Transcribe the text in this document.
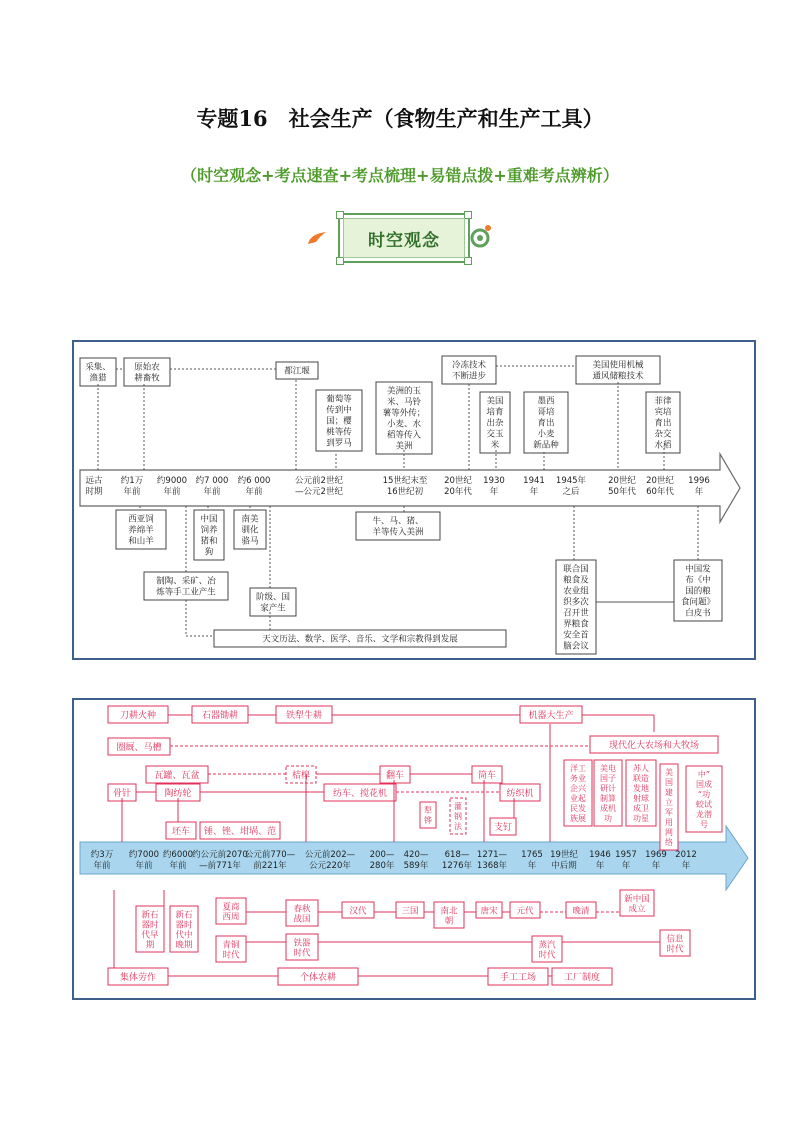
专题16　社会生产（食物生产和生产工具）
（时空观念+考点速查+考点梳理+易错点拨+重难考点辨析）
时空观念
远古时期
约1万年前
约9000 年前
约7 000 年前
约6 000 年前
公元前2世纪—公元2世纪
15世纪末至 16世纪初
20世纪 20年代
1930 年
1941 年
1945年之后
20世纪 50年代
20世纪 60年代
1996 年
采集、渔猎
原始农耕畜牧
都江堰
葡萄等传到中国；樱桃等传到罗马
美洲的玉米、马铃薯等外传；小麦、水稻等传入美洲
冷冻技术不断进步
美国培育出杂交玉米
墨西哥培育出小麦新品种
美国使用机械通风储粮技术
菲律宾培育出杂交水稻
西亚饲养绵羊和山羊
中国饲养猪和狗
南美驯化骆马
牛、马、猪、羊等传入美洲
制陶、采矿、冶炼等手工业产生	阶级、国家产生
天文历法、数学、医学、音乐、文学和宗教得到发展
联合国粮食及农业组织多次召开世界粮食安全首脑会议
中国发布《中国的粮食问题》白皮书
约3万年前
约7000 年前
约6000 年前
约公元前2070 —前771年
公元前770—前221年
公元前202—公元220年
200— 280年
420— 589年
618— 1276年
1271— 1368年
1765 年
19世纪中后期
1946 年
1957 年
1969 年
2012 年
刀耕火种	石器锄耕	铁犁牛耕	机器大生产
圈厩、马槽	现代化大农场和大牧场
瓦罐、瓦盆	桔槔	翻车	筒车
骨针	陶纺轮	纺车、搅花机	纺织机
坯车 锤、锉、坩埚、范	支钉
犁铧
灌钢法
洋工务业企兴业起民发族展
美电国子研计制算成机功
苏人联造发地射球成卫功星
美国建立军用网络
中”国成“功蛟试龙潜号
新石器时代早期
新石器时代中晚期
夏商西周
春秋战国
汉代	三国	南北朝
唐宋 元代	晚清
新中国成立
青铜时代
铁器时代
蒸汽时代
信息时代
集体劳作	个体农耕	手工工场	工厂制度
